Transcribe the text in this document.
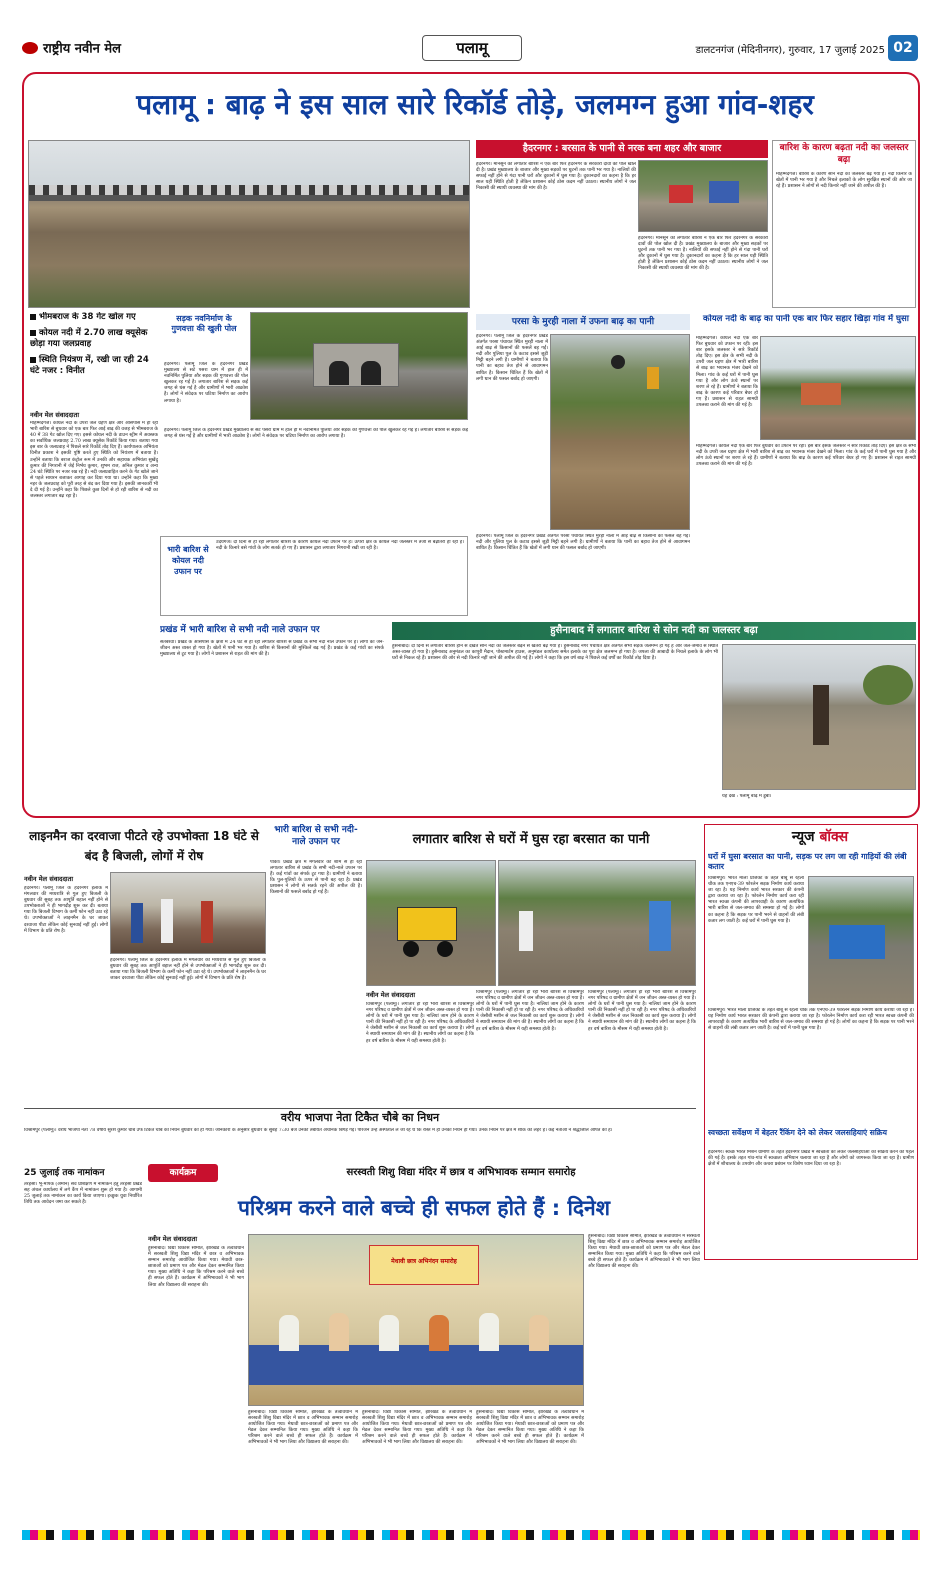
राष्ट्रीय नवीन मेल	पलामू	डालटनगंज (मेदिनीनगर), गुरुवार, 17 जुलाई 2025 02
पलामू : बाढ़ ने इस साल सारे रिकॉर्ड तोड़े, जलमग्न हुआ गांव-शहर
भीमबराज के 38 गेट खोल गए
कोयल नदी में 2.70 लाख क्यूसेक छोड़ा गया जलप्रवाह
स्थिति नियंत्रण में, रखी जा रही 24 घंटे नजर : विनीत
नवीन मेल संवाददाता
मोहम्मदगंज। कोयल नदी के उपरी जल ग्रहण क्षेत्र और आसपास में हो रही भारी बारिश से बुधवार को एक बार फिर आई बाढ़ की वजह से भीमबराज के 40 में 38 गेट खोल दिए गए। इससे कोयल नदी के डाउन स्ट्रीम में अवस्तक का सर्वाधिक जलप्रवाह 2.70 लाख क्यूसेक रिकॉर्ड किया गया। बताया गया इस बार के जलप्रवाह ने पिछले सारे रिकॉर्ड तोड़ दिए हैं। कार्यपालक अभियंता विनीत प्रकाश ने इसकी पुष्टि करते हुए स्थिति को नियंत्रण में बताया है। उन्होंने बताया कि बराज कंट्रोल रूम में उनकी और सहायक अभियंता सुखेंदु कुमार की निगरानी में जेई निर्भय कुमार, शुभम राज, अनिल कुमार व अन्य 24 घंटे स्थिति पर नजर रख रहे हैं। नदी जलप्रवाहित करने के गेट खोले जाने से पहले सायरन बजाकर आगाह कर दिया गया था। उन्होंने कहा कि मुख्य नहर के जलप्रवाह को पूरी तरह से बंद कर दिया गया है। इसकी जानकारी भी दे दी गई है। उन्होंने कहा कि पिछले कुछ दिनों से हो रही बारिश से नदी का जलस्तर लगातार बढ़ रहा है।
सड़क नवनिर्माण के गुणवत्ता की खुली पोल
हैदरनगर। पलामू जिले के हैदरनगर प्रखंड मुख्यालय से सटे पसरा ग्राम में हाल ही में नवनिर्मित पुलिया और सड़क की गुणवत्ता की पोल खुलकर रह गई है। लगातार बारिश से सड़क कई जगह से धंस गई है और ग्रामीणों में भारी आक्रोश है। लोगों ने संवेदक पर घटिया निर्माण का आरोप लगाया है।
हैदरनगर। पलामू जिले के हैदरनगर प्रखंड मुख्यालय से सटे पसरा ग्राम में हाल ही में नवनिर्मित पुलिया और सड़क की गुणवत्ता की पोल खुलकर रह गई है। लगातार बारिश से सड़क कई जगह से धंस गई है और ग्रामीणों में भारी आक्रोश है। लोगों ने संवेदक पर घटिया निर्माण का आरोप लगाया है।
भारी बारिश से कोयल नदी उफान पर
उदयगंज। दो दिनों से हो रही लगातार बारिश के कारण कोयल नदी उफान पर है। ऊपरी क्षेत्र के कोयल नदी जलस्तर में तेजी से बढ़ोतरी हो रही है। नदी के किनारे बसे गांवों के लोग सतर्क हो गए हैं। प्रशासन द्वारा लगातार निगरानी रखी जा रही है।
हैदरनगर : बरसात के पानी से नरक बना शहर और बाजार
हैदरनगर। मॉनसून की लगातार बारिश ने एक बार फिर हैदरनगर के सरकारी दावों की पोल खोल दी है। प्रखंड मुख्यालय के बाजार और मुख्य सड़कों पर घुटनों तक पानी भर गया है। नालियों की सफाई नहीं होने से गंदा पानी घरों और दुकानों में घुस गया है। दुकानदारों का कहना है कि हर साल यही स्थिति होती है लेकिन प्रशासन कोई ठोस कदम नहीं उठाता। स्थानीय लोगों ने जल निकासी की स्थायी व्यवस्था की मांग की है।
हैदरनगर। मॉनसून की लगातार बारिश ने एक बार फिर हैदरनगर के सरकारी दावों की पोल खोल दी है। प्रखंड मुख्यालय के बाजार और मुख्य सड़कों पर घुटनों तक पानी भर गया है। नालियों की सफाई नहीं होने से गंदा पानी घरों और दुकानों में घुस गया है। दुकानदारों का कहना है कि हर साल यही स्थिति होती है लेकिन प्रशासन कोई ठोस कदम नहीं उठाता। स्थानीय लोगों ने जल निकासी की स्थायी व्यवस्था की मांग की है।
बारिश के कारण बढ़ता नदी का जलस्तर बढ़ा
मोहम्मदगंज। बारिश के कारण सोन नदी का जलस्तर बढ़ गया है। नदी किनारे के खेतों में पानी भर गया है और निचले इलाकों के लोग सुरक्षित स्थानों की ओर जा रहे हैं। प्रशासन ने लोगों से नदी किनारे नहीं जाने की अपील की है।
परसा के मुरही नाला में उफना बाढ़ का पानी
हैदरनगर। पलामू जिले के हैदरनगर प्रखंड अंतर्गत परसा पंचायत स्थित मुरही नाला में आई बाढ़ से किसानों की फसलें बह गईं। नदी और पुलिया पुल के कटाव इससे जुड़ी मिट्टी बहने लगी है। ग्रामीणों ने बताया कि पानी का बहाव तेज होने से आवागमन बाधित है। किसान चिंतित हैं कि खेतों में लगी धान की फसल बर्बाद हो जाएगी।
हैदरनगर। पलामू जिले के हैदरनगर प्रखंड अंतर्गत परसा पंचायत स्थित मुरही नाला में आई बाढ़ से किसानों की फसलें बह गईं। नदी और पुलिया पुल के कटाव इससे जुड़ी मिट्टी बहने लगी है। ग्रामीणों ने बताया कि पानी का बहाव तेज होने से आवागमन बाधित है। किसान चिंतित हैं कि खेतों में लगी धान की फसल बर्बाद हो जाएगी।
कोयल नदी के बाढ़ का पानी एक बार फिर सहार खिड़ा गांव में घुसा
मोहम्मदगंज। कोयल नदी एक बार फिर बुधवार को उफान पर रही। इस बार इसके जलस्तर ने सारे रिकॉर्ड तोड़ दिए। इस क्षेत्र के सभी नदी के उपरी जल ग्रहण क्षेत्र में भारी बारिश से बाढ़ का भयानक मंजर देखने को मिला। गांव के कई घरों में पानी घुस गया है और लोग ऊंचे स्थानों पर शरण ले रहे हैं। ग्रामीणों ने बताया कि बाढ़ के कारण कई परिवार बेघर हो गए हैं। प्रशासन से राहत सामग्री उपलब्ध कराने की मांग की गई है।
मोहम्मदगंज। कोयल नदी एक बार फिर बुधवार को उफान पर रही। इस बार इसके जलस्तर ने सारे रिकॉर्ड तोड़ दिए। इस क्षेत्र के सभी नदी के उपरी जल ग्रहण क्षेत्र में भारी बारिश से बाढ़ का भयानक मंजर देखने को मिला। गांव के कई घरों में पानी घुस गया है और लोग ऊंचे स्थानों पर शरण ले रहे हैं। ग्रामीणों ने बताया कि बाढ़ के कारण कई परिवार बेघर हो गए हैं। प्रशासन से राहत सामग्री उपलब्ध कराने की मांग की गई है।
प्रखंड में भारी बारिश से सभी नदी नाले उफान पर
सतबरवा। प्रखंड के आसपास के क्षेत्रों में 24 घंटे से हो रही लगातार बारिश से प्रखंड के सभी नदी नाले उफान पर हैं। लोगों का जन-जीवन अस्त व्यस्त हो गया है। खेतों में पानी भर गया है। बारिश से किसानों की मुश्किलें बढ़ गई हैं। प्रखंड के कई गांवों का संपर्क मुख्यालय से टूट गया है। लोगों ने प्रशासन से राहत की मांग की है।
हुसैनाबाद में लगातार बारिश से सोन नदी का जलस्तर बढ़ा
हुसैनाबाद। दो दिनों से लगातार बारिश होने से देखते सोन नदी का जलस्तर बढ़ने से खतरा बढ़ गया है। हुसैनाबाद नगर पंचायत क्षेत्र अंतर्गत सभी सड़कें जलमग्न हो गई हैं और जल-जमाव से स्थिति अस्त-व्यस्त हो गया है। हुसैनाबाद अनुमंडल का कापूरी मैदान, पोस्टमार्टम हाउस, अनुमंडल कार्यालय समेत इलाके का पूरा क्षेत्र जलमग्न हो गया है। जपला की आबादी के निचले इलाके के लोग भी घरों से निकल रहे हैं। प्रशासन की ओर से नदी किनारे नहीं जाने की अपील की गई है। लोगों ने कहा कि इस वर्ष बाढ़ ने पिछले कई वर्षों का रिकॉर्ड तोड़ दिया है।
यह देखें : पलामू बाढ़ में डूबा।
लाइनमैन का दरवाजा पीटते रहे उपभोक्ता 18 घंटे से बंद है बिजली, लोगों में रोष
नवीन मेल संवाददाता
हैदरनगर। पलामू जिले के हैदरनगर इलाके में मंगलवार की मध्यरात्रि से गुल हुए बिजली के बुधवार की सुबह तक आपूर्ति बहाल नहीं होने से उपभोक्ताओं ने ही भागदौड़ शुरू कर दी। बताया गया कि बिजली विभाग के कर्मी फोन नहीं उठा रहे थे। उपभोक्ताओं ने लाइनमैन के घर जाकर दरवाजा पीटा लेकिन कोई सुनवाई नहीं हुई। लोगों में विभाग के प्रति रोष है।
हैदरनगर। पलामू जिले के हैदरनगर इलाके में मंगलवार की मध्यरात्रि से गुल हुए बिजली के बुधवार की सुबह तक आपूर्ति बहाल नहीं होने से उपभोक्ताओं ने ही भागदौड़ शुरू कर दी। बताया गया कि बिजली विभाग के कर्मी फोन नहीं उठा रहे थे। उपभोक्ताओं ने लाइनमैन के घर जाकर दरवाजा पीटा लेकिन कोई सुनवाई नहीं हुई। लोगों में विभाग के प्रति रोष है।
भारी बारिश से सभी नदी-नाले उफान पर
पांकी। प्रखंड क्षेत्र में मंगलवार की शाम से हो रही लगातार बारिश से प्रखंड के सभी नदी-नाले उफान पर हैं। कई गांवों का संपर्क टूट गया है। ग्रामीणों ने बताया कि पुल-पुलियों के ऊपर से पानी बह रहा है। प्रखंड प्रशासन ने लोगों से सतर्क रहने की अपील की है। किसानों की फसलें बर्बाद हो गई हैं।
लगातार बारिश से घरों में घुस रहा बरसात का पानी
नवीन मेल संवाददाता
विश्रामपुर (पलामू)। लगातार हो रही भारी बारिश से विश्रामपुर नगर परिषद व ग्रामीण क्षेत्रों में जन जीवन अस्त-व्यस्त हो गया है। लोगों के घरों में पानी घुस गया है। नालियां जाम होने के कारण पानी की निकासी नहीं हो पा रही है। नगर परिषद के अधिकारियों ने जेसीबी मशीन से जल निकासी का कार्य शुरू कराया है। लोगों ने स्थायी समाधान की मांग की है। स्थानीय लोगों का कहना है कि हर वर्ष बारिश के मौसम में यही समस्या होती है।
विश्रामपुर (पलामू)। लगातार हो रही भारी बारिश से विश्रामपुर नगर परिषद व ग्रामीण क्षेत्रों में जन जीवन अस्त-व्यस्त हो गया है। लोगों के घरों में पानी घुस गया है। नालियां जाम होने के कारण पानी की निकासी नहीं हो पा रही है। नगर परिषद के अधिकारियों ने जेसीबी मशीन से जल निकासी का कार्य शुरू कराया है। लोगों ने स्थायी समाधान की मांग की है। स्थानीय लोगों का कहना है कि हर वर्ष बारिश के मौसम में यही समस्या होती है।
विश्रामपुर (पलामू)। लगातार हो रही भारी बारिश से विश्रामपुर नगर परिषद व ग्रामीण क्षेत्रों में जन जीवन अस्त-व्यस्त हो गया है। लोगों के घरों में पानी घुस गया है। नालियां जाम होने के कारण पानी की निकासी नहीं हो पा रही है। नगर परिषद के अधिकारियों ने जेसीबी मशीन से जल निकासी का कार्य शुरू कराया है। लोगों ने स्थायी समाधान की मांग की है। स्थानीय लोगों का कहना है कि हर वर्ष बारिश के मौसम में यही समस्या होती है।
न्यूज बॉक्स
घरों में घुसा बरसात का पानी, सड़क पर लग जा रही गाड़ियों की लंबी कतार
विश्रामपुर। भारत माला प्रोजेक्ट के तहत बीबू से रेहला चौक तक एनएच-39 फोरलेन सड़क निर्माण कार्य कराया जा रहा है। यह निर्माण कार्य भारत सरकार की कंपनी द्वारा कराया जा रहा है। फोरलेन निर्माण कार्य करा रही भारत स्वच्छ कंपनी की लापरवाही के कारण अत्यधिक भारी बारिश से जल-जमाव की समस्या हो गई है। लोगों का कहना है कि सड़क पर पानी भरने से वाहनों की लंबी कतार लग जाती है। कई घरों में पानी घुस गया है।
विश्रामपुर। भारत माला प्रोजेक्ट के तहत बीबू से रेहला चौक तक एनएच-39 फोरलेन सड़क निर्माण कार्य कराया जा रहा है। यह निर्माण कार्य भारत सरकार की कंपनी द्वारा कराया जा रहा है। फोरलेन निर्माण कार्य करा रही भारत स्वच्छ कंपनी की लापरवाही के कारण अत्यधिक भारी बारिश से जल-जमाव की समस्या हो गई है। लोगों का कहना है कि सड़क पर पानी भरने से वाहनों की लंबी कतार लग जाती है। कई घरों में पानी घुस गया है।
स्वच्छता सर्वेक्षण में बेहतर रैंकिंग देने को लेकर जलसहियाएं सक्रिय
हैदरनगर। स्वच्छ भारत मिशन ग्रामीण के तहत हैदरनगर प्रखंड में स्वच्छता को लेकर जलसहियाओं को सक्रिय करने की पहल की गई है। इसके तहत गांव-गांव में स्वच्छता अभियान चलाया जा रहा है और लोगों को जागरूक किया जा रहा है। ग्रामीण क्षेत्रों में शौचालय के उपयोग और कचरा प्रबंधन पर विशेष ध्यान दिया जा रहा है।
वरीय भाजपा नेता टिकैत चौबे का निधन
विश्रामपुर (पलामू)। वरीय भाजपा नेता 78 वर्षीय सुरेश कुमार चौबे उर्फ टिकैत चौबे का निधन बुधवार को हो गया। जानकारी के अनुसार बुधवार के सुबह 7:30 बजे उनकी तबीयत अचानक बिगड़ गई। परिजन उन्हें अस्पताल ले जा रहे थे कि रास्ते में ही उनका निधन हो गया। उनके निधन पर क्षेत्र में शोक की लहर है। कई नेताओं ने श्रद्धांजलि अर्पित की है।
25 जुलाई तक नामांकन
तरहसी। भू-मापक (अमीन) सर्वे प्रशिक्षण में नामांकन हेतु तरहसी प्रखंड सह अंचल कार्यालय में लगे कैंप में नामांकन शुरू हो गया है। आगामी 25 जुलाई तक नामांकन का कार्य किया जाएगा। इच्छुक युवा निर्धारित तिथि तक आवेदन जमा कर सकते हैं।
कार्यक्रम	सरस्वती शिशु विद्या मंदिर में छात्र व अभिभावक सम्मान समारोह
परिश्रम करने वाले बच्चे ही सफल होते हैं : दिनेश
नवीन मेल संवाददाता
हुसैनाबाद। विद्या विकास समिति, झारखंड के तत्वावधान में सरस्वती शिशु विद्या मंदिर में छात्र व अभिभावक सम्मान समारोह आयोजित किया गया। मेधावी छात्र-छात्राओं को प्रमाण पत्र और मेडल देकर सम्मानित किया गया। मुख्य अतिथि ने कहा कि परिश्रम करने वाले बच्चे ही सफल होते हैं। कार्यक्रम में अभिभावकों ने भी भाग लिया और विद्यालय की सराहना की।
मेधावी छात्र अभिनंदन समारोह
हुसैनाबाद। विद्या विकास समिति, झारखंड के तत्वावधान में सरस्वती शिशु विद्या मंदिर में छात्र व अभिभावक सम्मान समारोह आयोजित किया गया। मेधावी छात्र-छात्राओं को प्रमाण पत्र और मेडल देकर सम्मानित किया गया। मुख्य अतिथि ने कहा कि परिश्रम करने वाले बच्चे ही सफल होते हैं। कार्यक्रम में अभिभावकों ने भी भाग लिया और विद्यालय की सराहना की।
हुसैनाबाद। विद्या विकास समिति, झारखंड के तत्वावधान में सरस्वती शिशु विद्या मंदिर में छात्र व अभिभावक सम्मान समारोह आयोजित किया गया। मेधावी छात्र-छात्राओं को प्रमाण पत्र और मेडल देकर सम्मानित किया गया। मुख्य अतिथि ने कहा कि परिश्रम करने वाले बच्चे ही सफल होते हैं। कार्यक्रम में अभिभावकों ने भी भाग लिया और विद्यालय की सराहना की।
हुसैनाबाद। विद्या विकास समिति, झारखंड के तत्वावधान में सरस्वती शिशु विद्या मंदिर में छात्र व अभिभावक सम्मान समारोह आयोजित किया गया। मेधावी छात्र-छात्राओं को प्रमाण पत्र और मेडल देकर सम्मानित किया गया। मुख्य अतिथि ने कहा कि परिश्रम करने वाले बच्चे ही सफल होते हैं। कार्यक्रम में अभिभावकों ने भी भाग लिया और विद्यालय की सराहना की।
हुसैनाबाद। विद्या विकास समिति, झारखंड के तत्वावधान में सरस्वती शिशु विद्या मंदिर में छात्र व अभिभावक सम्मान समारोह आयोजित किया गया। मेधावी छात्र-छात्राओं को प्रमाण पत्र और मेडल देकर सम्मानित किया गया। मुख्य अतिथि ने कहा कि परिश्रम करने वाले बच्चे ही सफल होते हैं। कार्यक्रम में अभिभावकों ने भी भाग लिया और विद्यालय की सराहना की।
